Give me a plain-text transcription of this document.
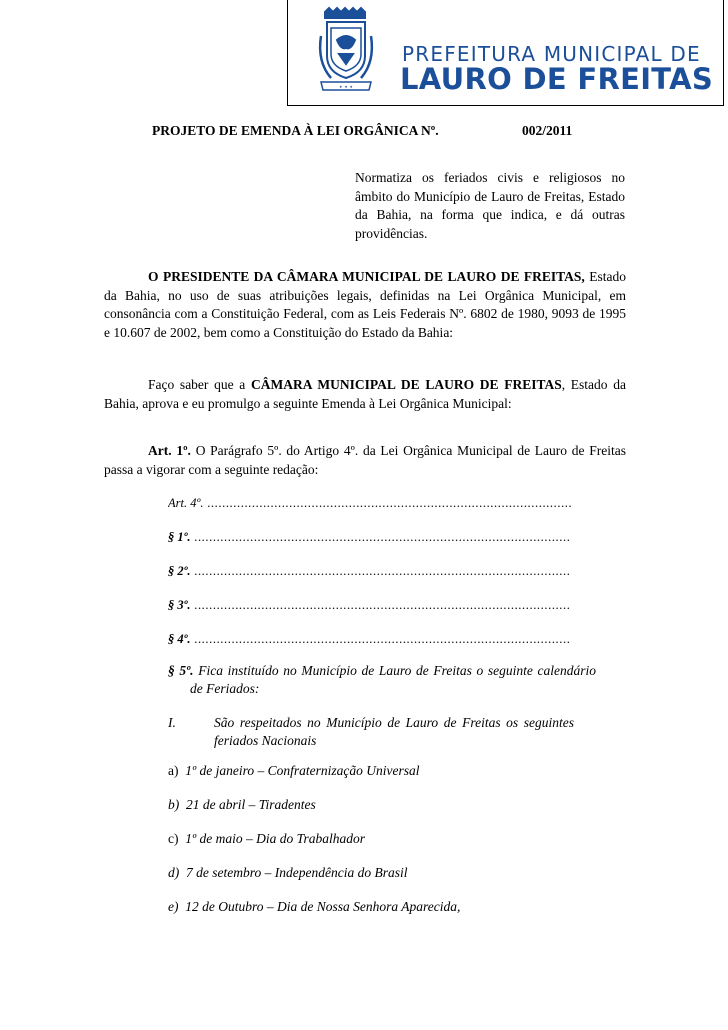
✦ ✦ ✦
PREFEITURA MUNICIPAL DE
LAURO DE FREITAS
PROJETO DE EMENDA À LEI ORGÂNICA Nº.	002/2011
Normatiza os feriados civis e religiosos no âmbito do Município de Lauro de Freitas, Estado da Bahia, na forma que indica, e dá outras providências.
O PRESIDENTE DA CÂMARA MUNICIPAL DE LAURO DE FREITAS, Estado da Bahia, no uso de suas atribuições legais, definidas na Lei Orgânica Municipal, em consonância com a Constituição Federal, com as Leis Federais Nº. 6802 de 1980, 9093 de 1995 e 10.607 de 2002, bem como a Constituição do Estado da Bahia:
Faço saber que a CÂMARA MUNICIPAL DE LAURO DE FREITAS, Estado da Bahia, aprova e eu promulgo a seguinte Emenda à Lei Orgânica Municipal:
Art. 1º. O Parágrafo 5º. do Artigo 4º. da Lei Orgânica Municipal de Lauro de Freitas passa a vigorar com a seguinte redação:
Art. 4º. .....
§ 1º. .....
§ 2º. .....
§ 3º. .....
§ 4º. .....
§ 5º. Fica instituído no Município de Lauro de Freitas o seguinte calendário de Feriados:
I.	São respeitados no Município de Lauro de Freitas os seguintes feriados Nacionais
a) 1º de janeiro – Confraternização Universal
b) 21 de abril – Tiradentes
c) 1º de maio – Dia do Trabalhador
d) 7 de setembro – Independência do Brasil
e) 12 de Outubro – Dia de Nossa Senhora Aparecida,
